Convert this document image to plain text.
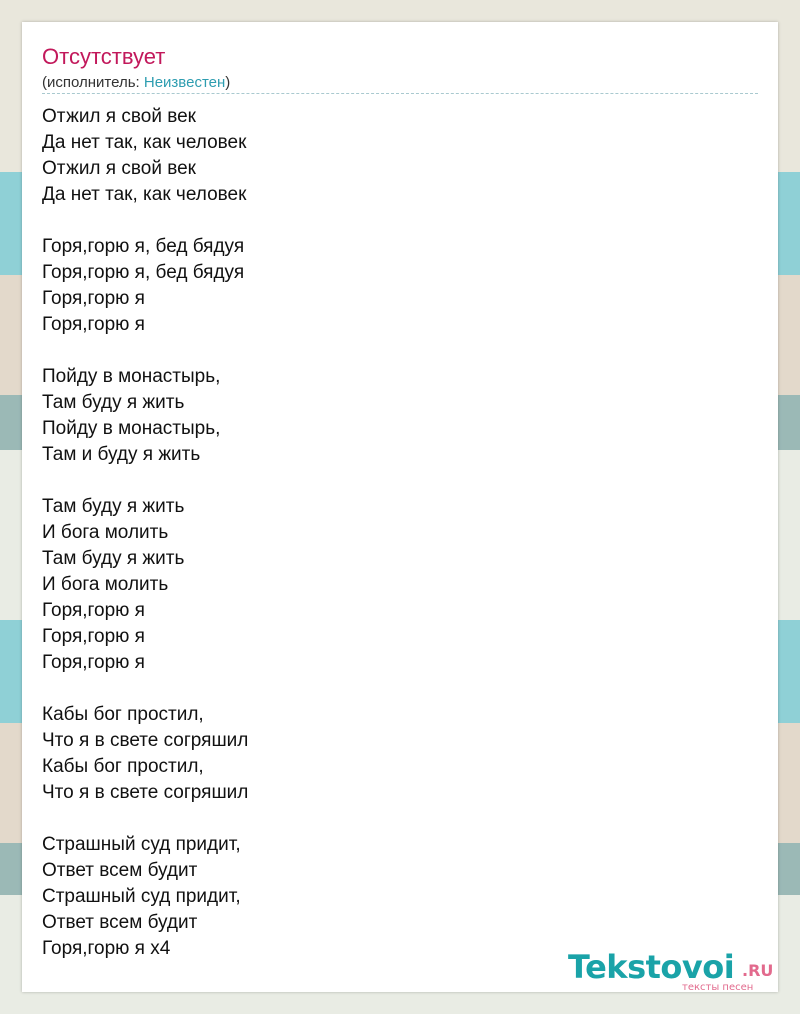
Отсутствует
(исполнитель: Неизвестен)
Отжил я свой век
Да нет так, как человек
Отжил я свой век
Да нет так, как человек
Горя,горю я, бед бядуя
Горя,горю я, бед бядуя
Горя,горю я
Горя,горю я
Пойду в монастырь,
Там буду я жить
Пойду в монастырь,
Там и буду я жить
Там буду я жить
И бога молить
Там буду я жить
И бога молить
Горя,горю я
Горя,горю я
Горя,горю я
Кабы бог простил,
Что я в свете согряшил
Кабы бог простил,
Что я в свете согряшил
Страшный суд придит,
Ответ всем будит
Страшный суд придит,
Ответ всем будит
Горя,горю я х4	Tekstovoi .RU
тексты песен
